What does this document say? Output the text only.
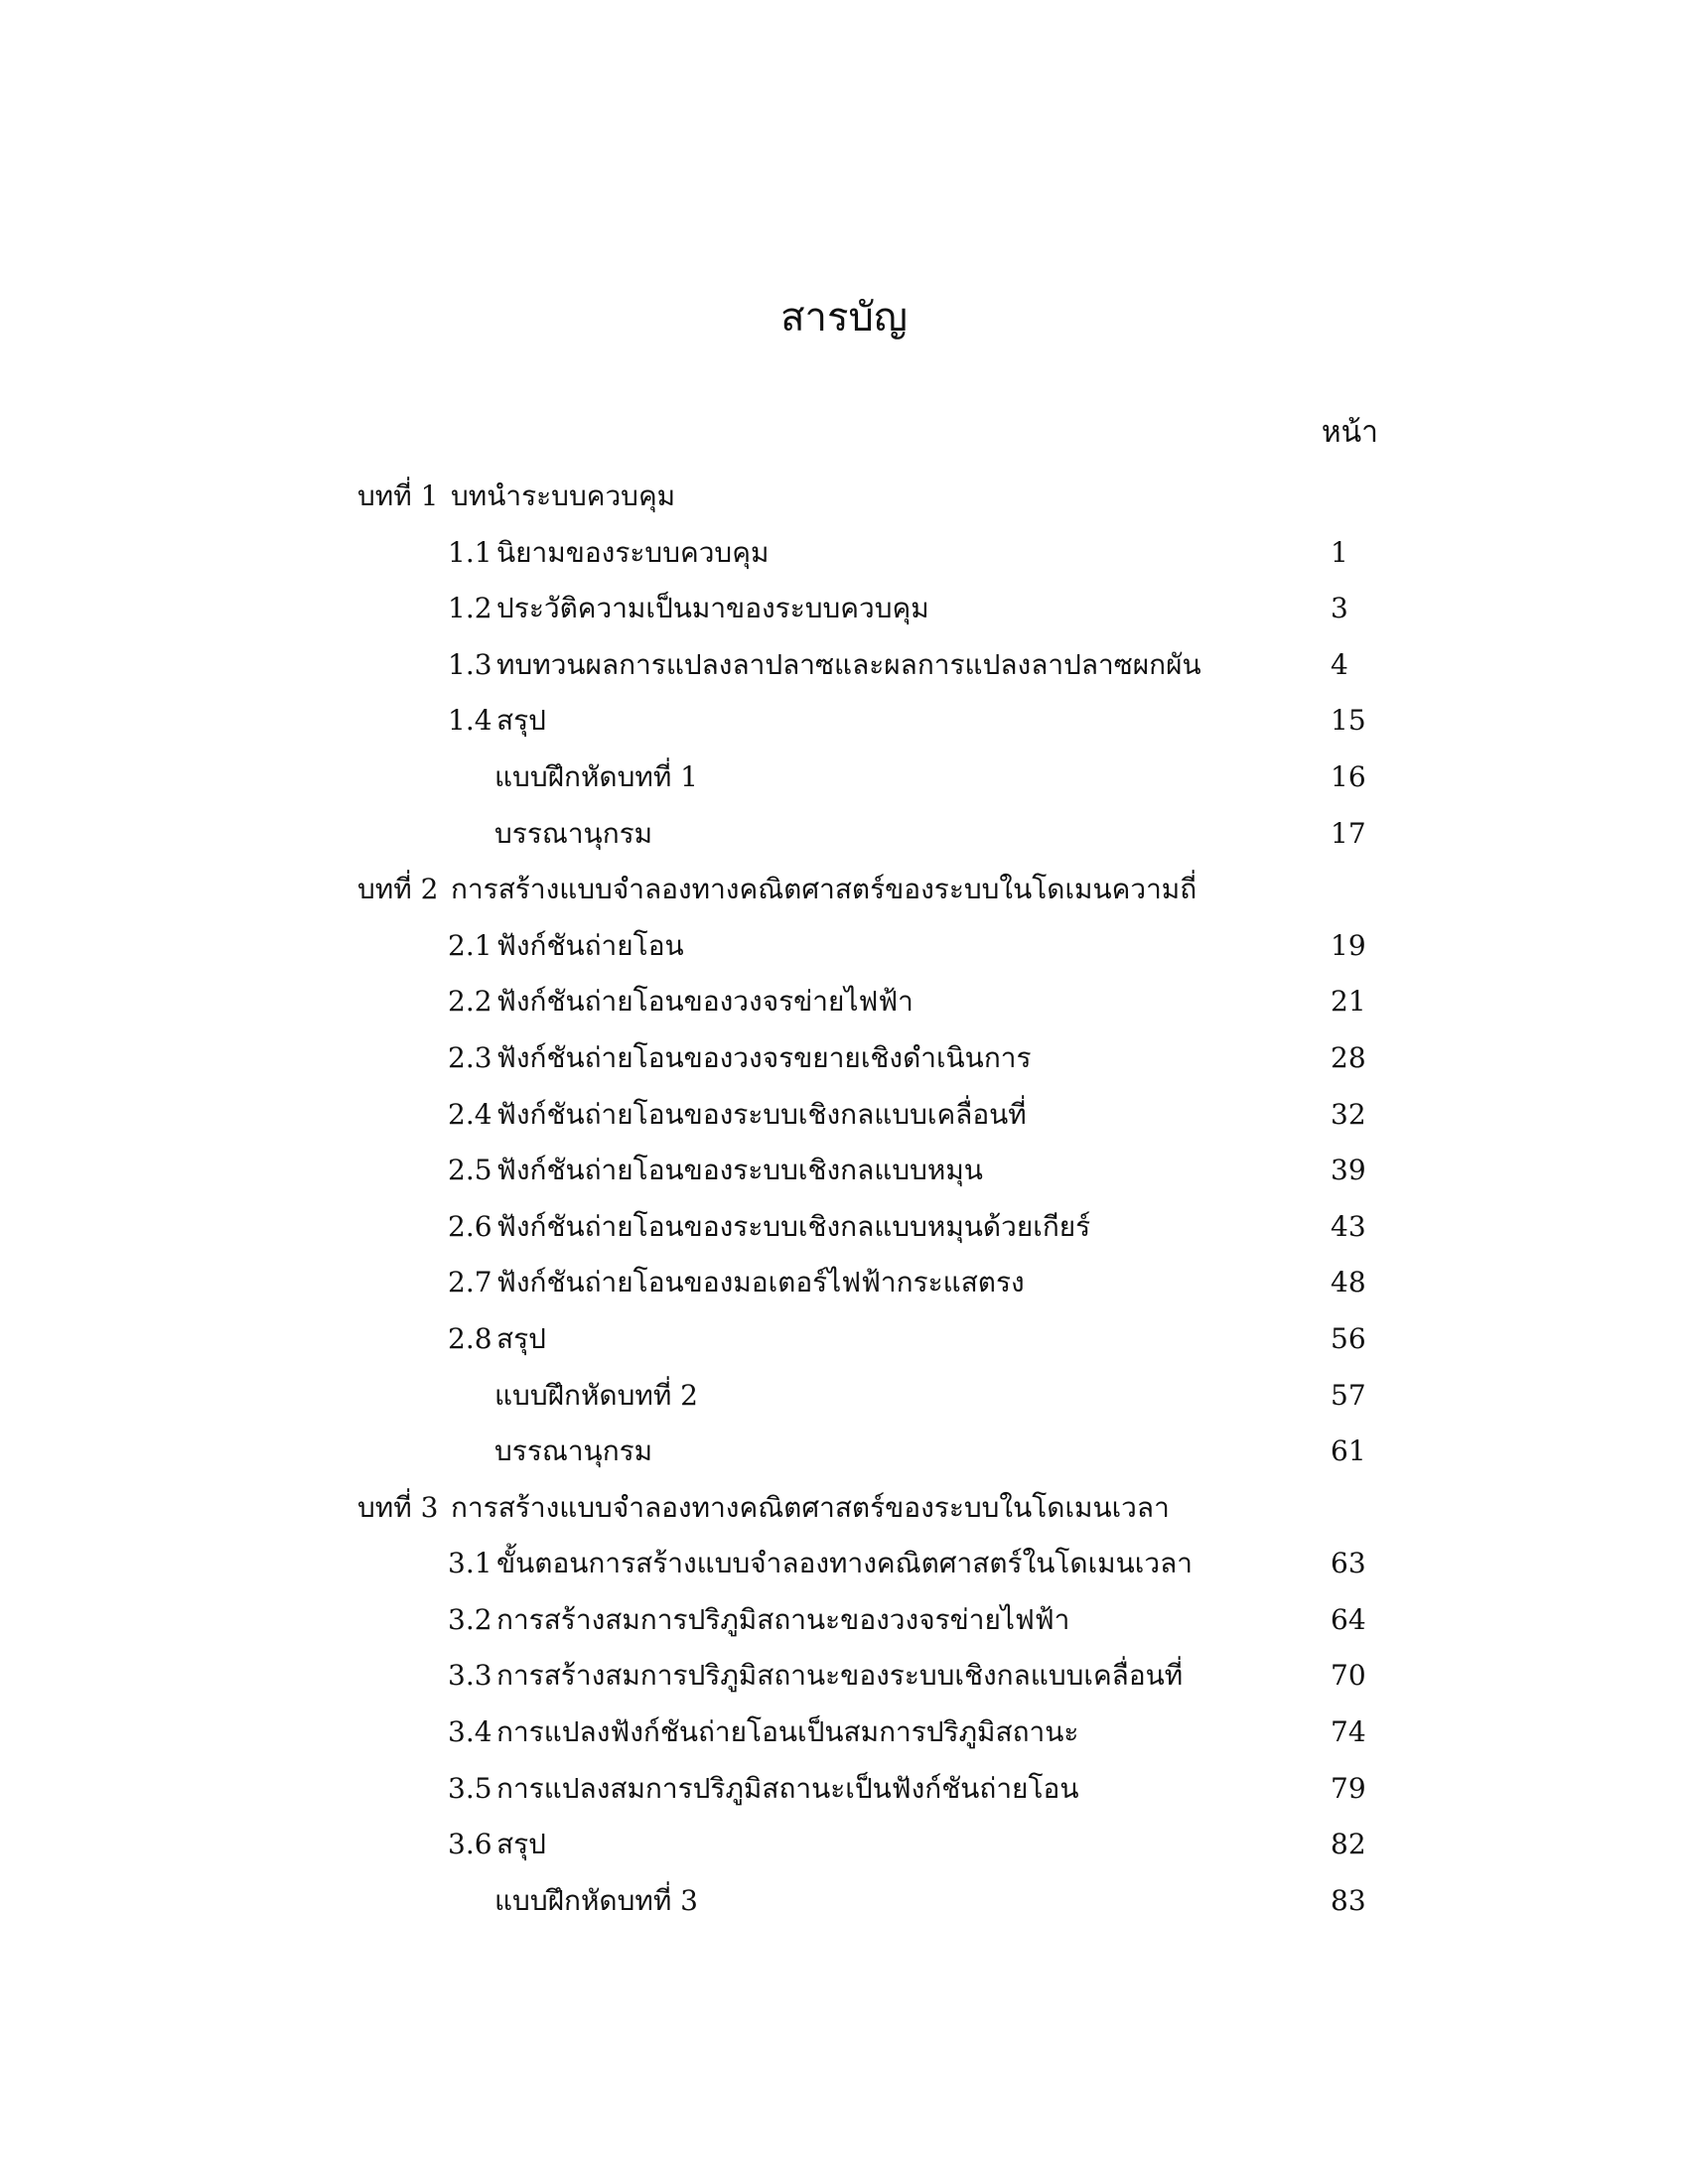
สารบัญ
หน้า
บทที่ 1 บทนำระบบควบคุม
1.1 นิยามของระบบควบคุม	1
1.2 ประวัติความเป็นมาของระบบควบคุม	3
1.3 ทบทวนผลการแปลงลาปลาซและผลการแปลงลาปลาซผกผัน	4
1.4 สรุป	15
แบบฝึกหัดบทที่ 1	16
บรรณานุกรม	17
บทที่ 2 การสร้างแบบจำลองทางคณิตศาสตร์ของระบบในโดเมนความถี่
2.1 ฟังก์ชันถ่ายโอน	19
2.2 ฟังก์ชันถ่ายโอนของวงจรข่ายไฟฟ้า	21
2.3 ฟังก์ชันถ่ายโอนของวงจรขยายเชิงดำเนินการ	28
2.4 ฟังก์ชันถ่ายโอนของระบบเชิงกลแบบเคลื่อนที่	32
2.5 ฟังก์ชันถ่ายโอนของระบบเชิงกลแบบหมุน	39
2.6 ฟังก์ชันถ่ายโอนของระบบเชิงกลแบบหมุนด้วยเกียร์	43
2.7 ฟังก์ชันถ่ายโอนของมอเตอร์ไฟฟ้ากระแสตรง	48
2.8 สรุป	56
แบบฝึกหัดบทที่ 2	57
บรรณานุกรม	61
บทที่ 3 การสร้างแบบจำลองทางคณิตศาสตร์ของระบบในโดเมนเวลา
3.1 ขั้นตอนการสร้างแบบจำลองทางคณิตศาสตร์ในโดเมนเวลา	63
3.2 การสร้างสมการปริภูมิสถานะของวงจรข่ายไฟฟ้า	64
3.3 การสร้างสมการปริภูมิสถานะของระบบเชิงกลแบบเคลื่อนที่	70
3.4 การแปลงฟังก์ชันถ่ายโอนเป็นสมการปริภูมิสถานะ	74
3.5 การแปลงสมการปริภูมิสถานะเป็นฟังก์ชันถ่ายโอน	79
3.6 สรุป	82
แบบฝึกหัดบทที่ 3	83
